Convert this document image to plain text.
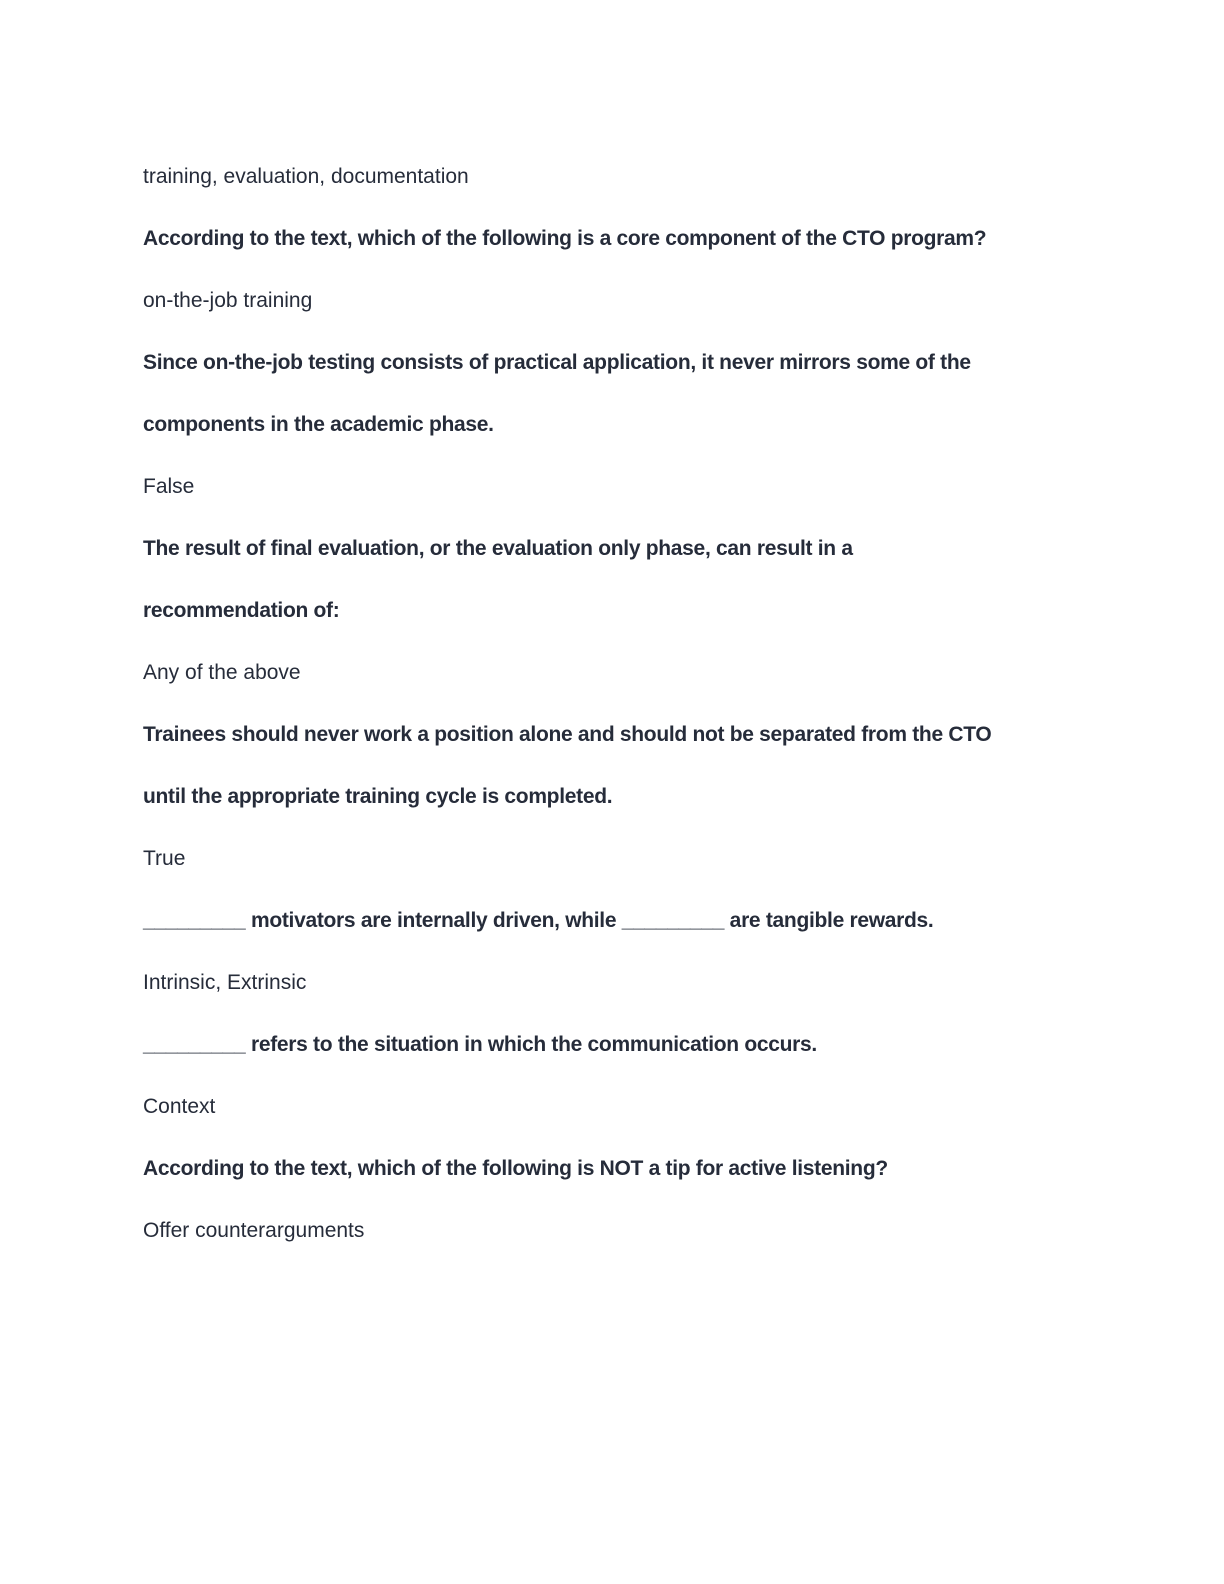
training, evaluation, documentation
According to the text, which of the following is a core component of the CTO program?
on-the-job training
Since on-the-job testing consists of practical application, it never mirrors some of the
components in the academic phase.
False
The result of final evaluation, or the evaluation only phase, can result in a
recommendation of:
Any of the above
Trainees should never work a position alone and should not be separated from the CTO
until the appropriate training cycle is completed.
True
_________ motivators are internally driven, while _________ are tangible rewards.
Intrinsic, Extrinsic
_________ refers to the situation in which the communication occurs.
Context
According to the text, which of the following is NOT a tip for active listening?
Offer counterarguments
